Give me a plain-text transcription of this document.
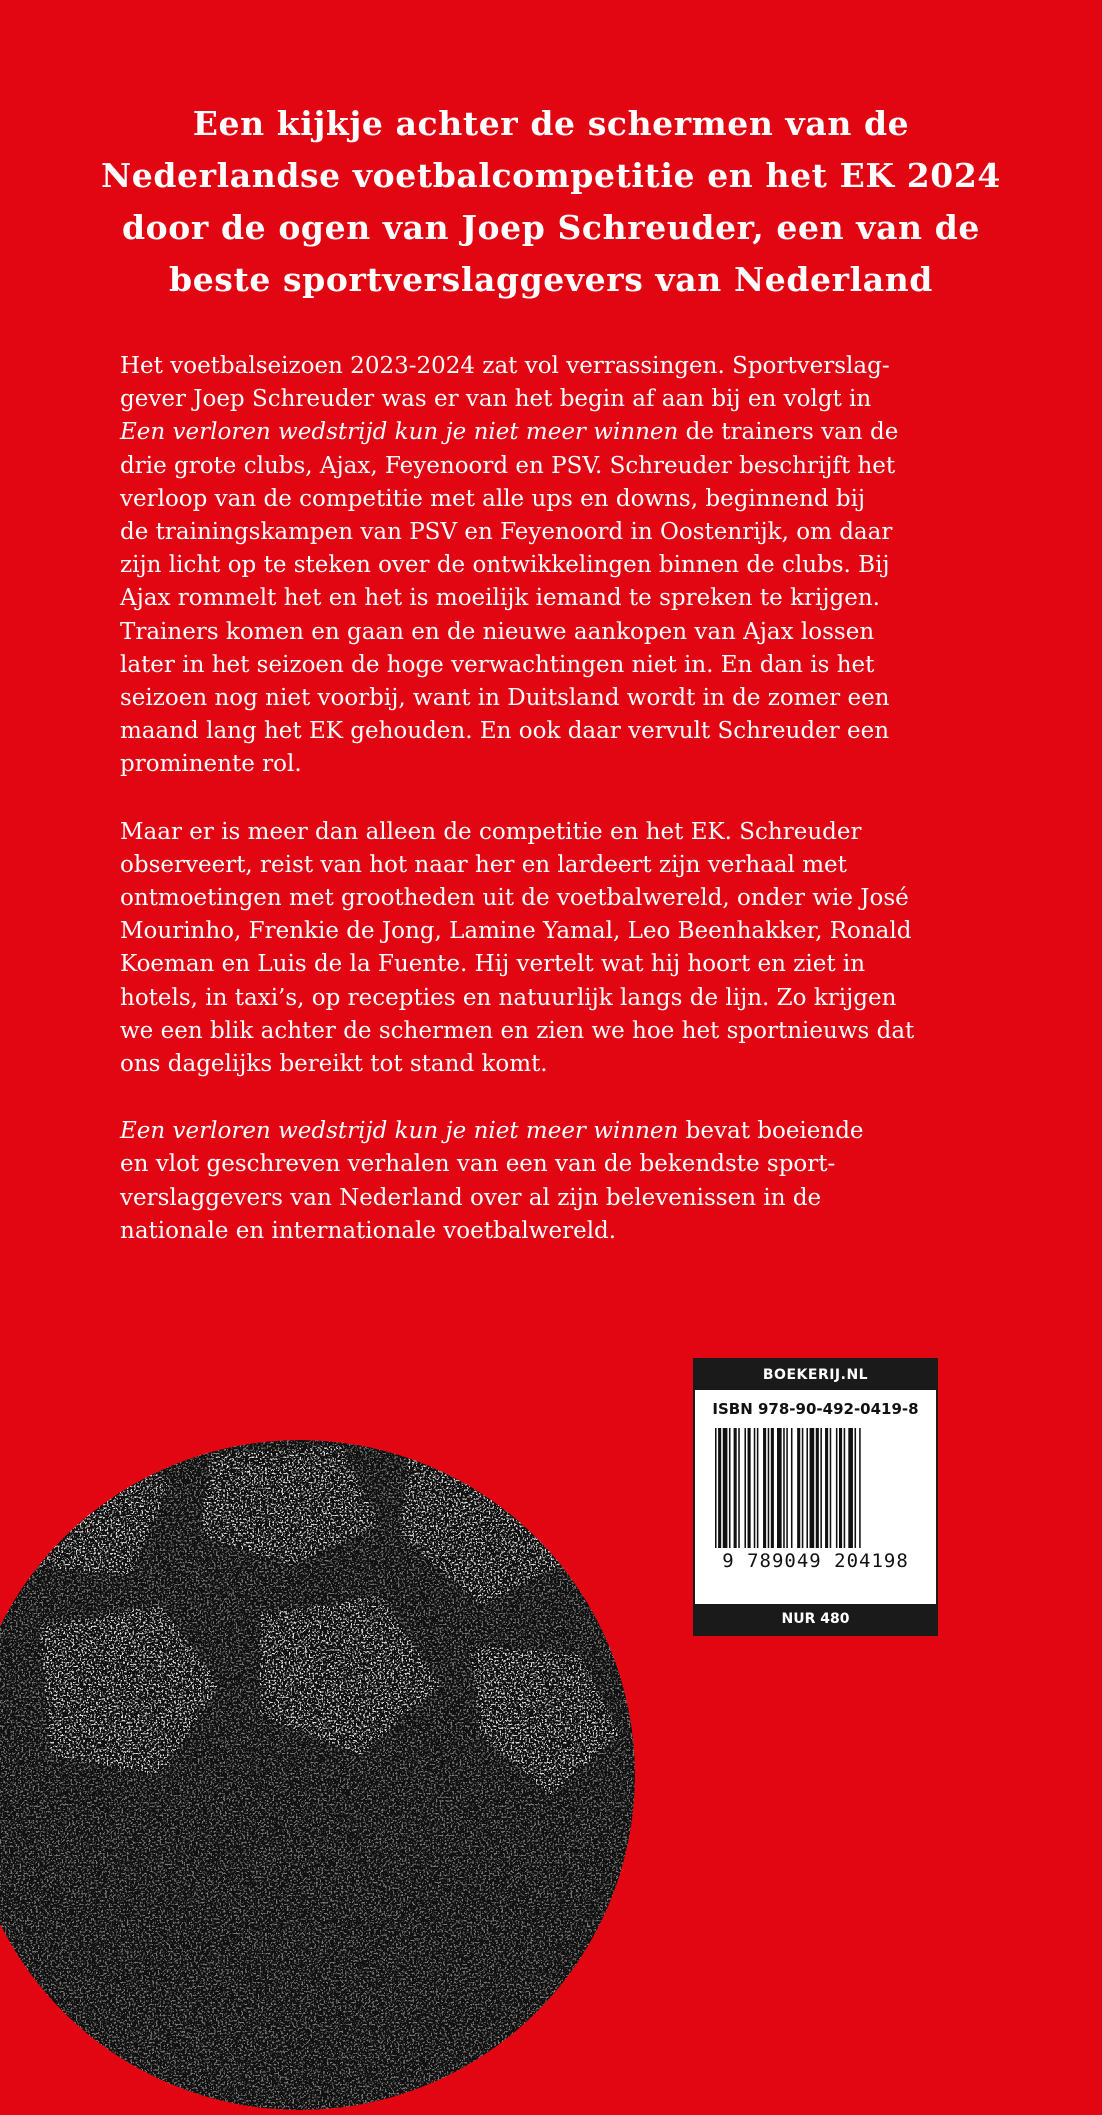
Een kijkje achter de schermen van de
Nederlandse voetbalcompetitie en het EK 2024
door de ogen van Joep Schreuder, een van de
beste sportverslaggevers van Nederland

Het voetbalseizoen 2023-2024 zat vol verrassingen. Sportverslag-
gever Joep Schreuder was er van het begin af aan bij en volgt in
Een verloren wedstrijd kun je niet meer winnen de trainers van de
drie grote clubs, Ajax, Feyenoord en PSV. Schreuder beschrijft het
verloop van de competitie met alle ups en downs, beginnend bij
de trainingskampen van PSV en Feyenoord in Oostenrijk, om daar
zijn licht op te steken over de ontwikkelingen binnen de clubs. Bij
Ajax rommelt het en het is moeilijk iemand te spreken te krijgen.
Trainers komen en gaan en de nieuwe aankopen van Ajax lossen
later in het seizoen de hoge verwachtingen niet in. En dan is het
seizoen nog niet voorbij, want in Duitsland wordt in de zomer een
maand lang het EK gehouden. En ook daar vervult Schreuder een
prominente rol.

Maar er is meer dan alleen de competitie en het EK. Schreuder
observeert, reist van hot naar her en lardeert zijn verhaal met
ontmoetingen met grootheden uit de voetbalwereld, onder wie José
Mourinho, Frenkie de Jong, Lamine Yamal, Leo Beenhakker, Ronald
Koeman en Luis de la Fuente. Hij vertelt wat hij hoort en ziet in
hotels, in taxi’s, op recepties en natuurlijk langs de lijn. Zo krijgen
we een blik achter de schermen en zien we hoe het sportnieuws dat
ons dagelijks bereikt tot stand komt.

Een verloren wedstrijd kun je niet meer winnen bevat boeiende
en vlot geschreven verhalen van een van de bekendste sport-
verslaggevers van Nederland over al zijn belevenissen in de
nationale en internationale voetbalwereld.

BOEKERIJ.NL
ISBN 978-90-492-0419-8
9 789049 204198
NUR 480
